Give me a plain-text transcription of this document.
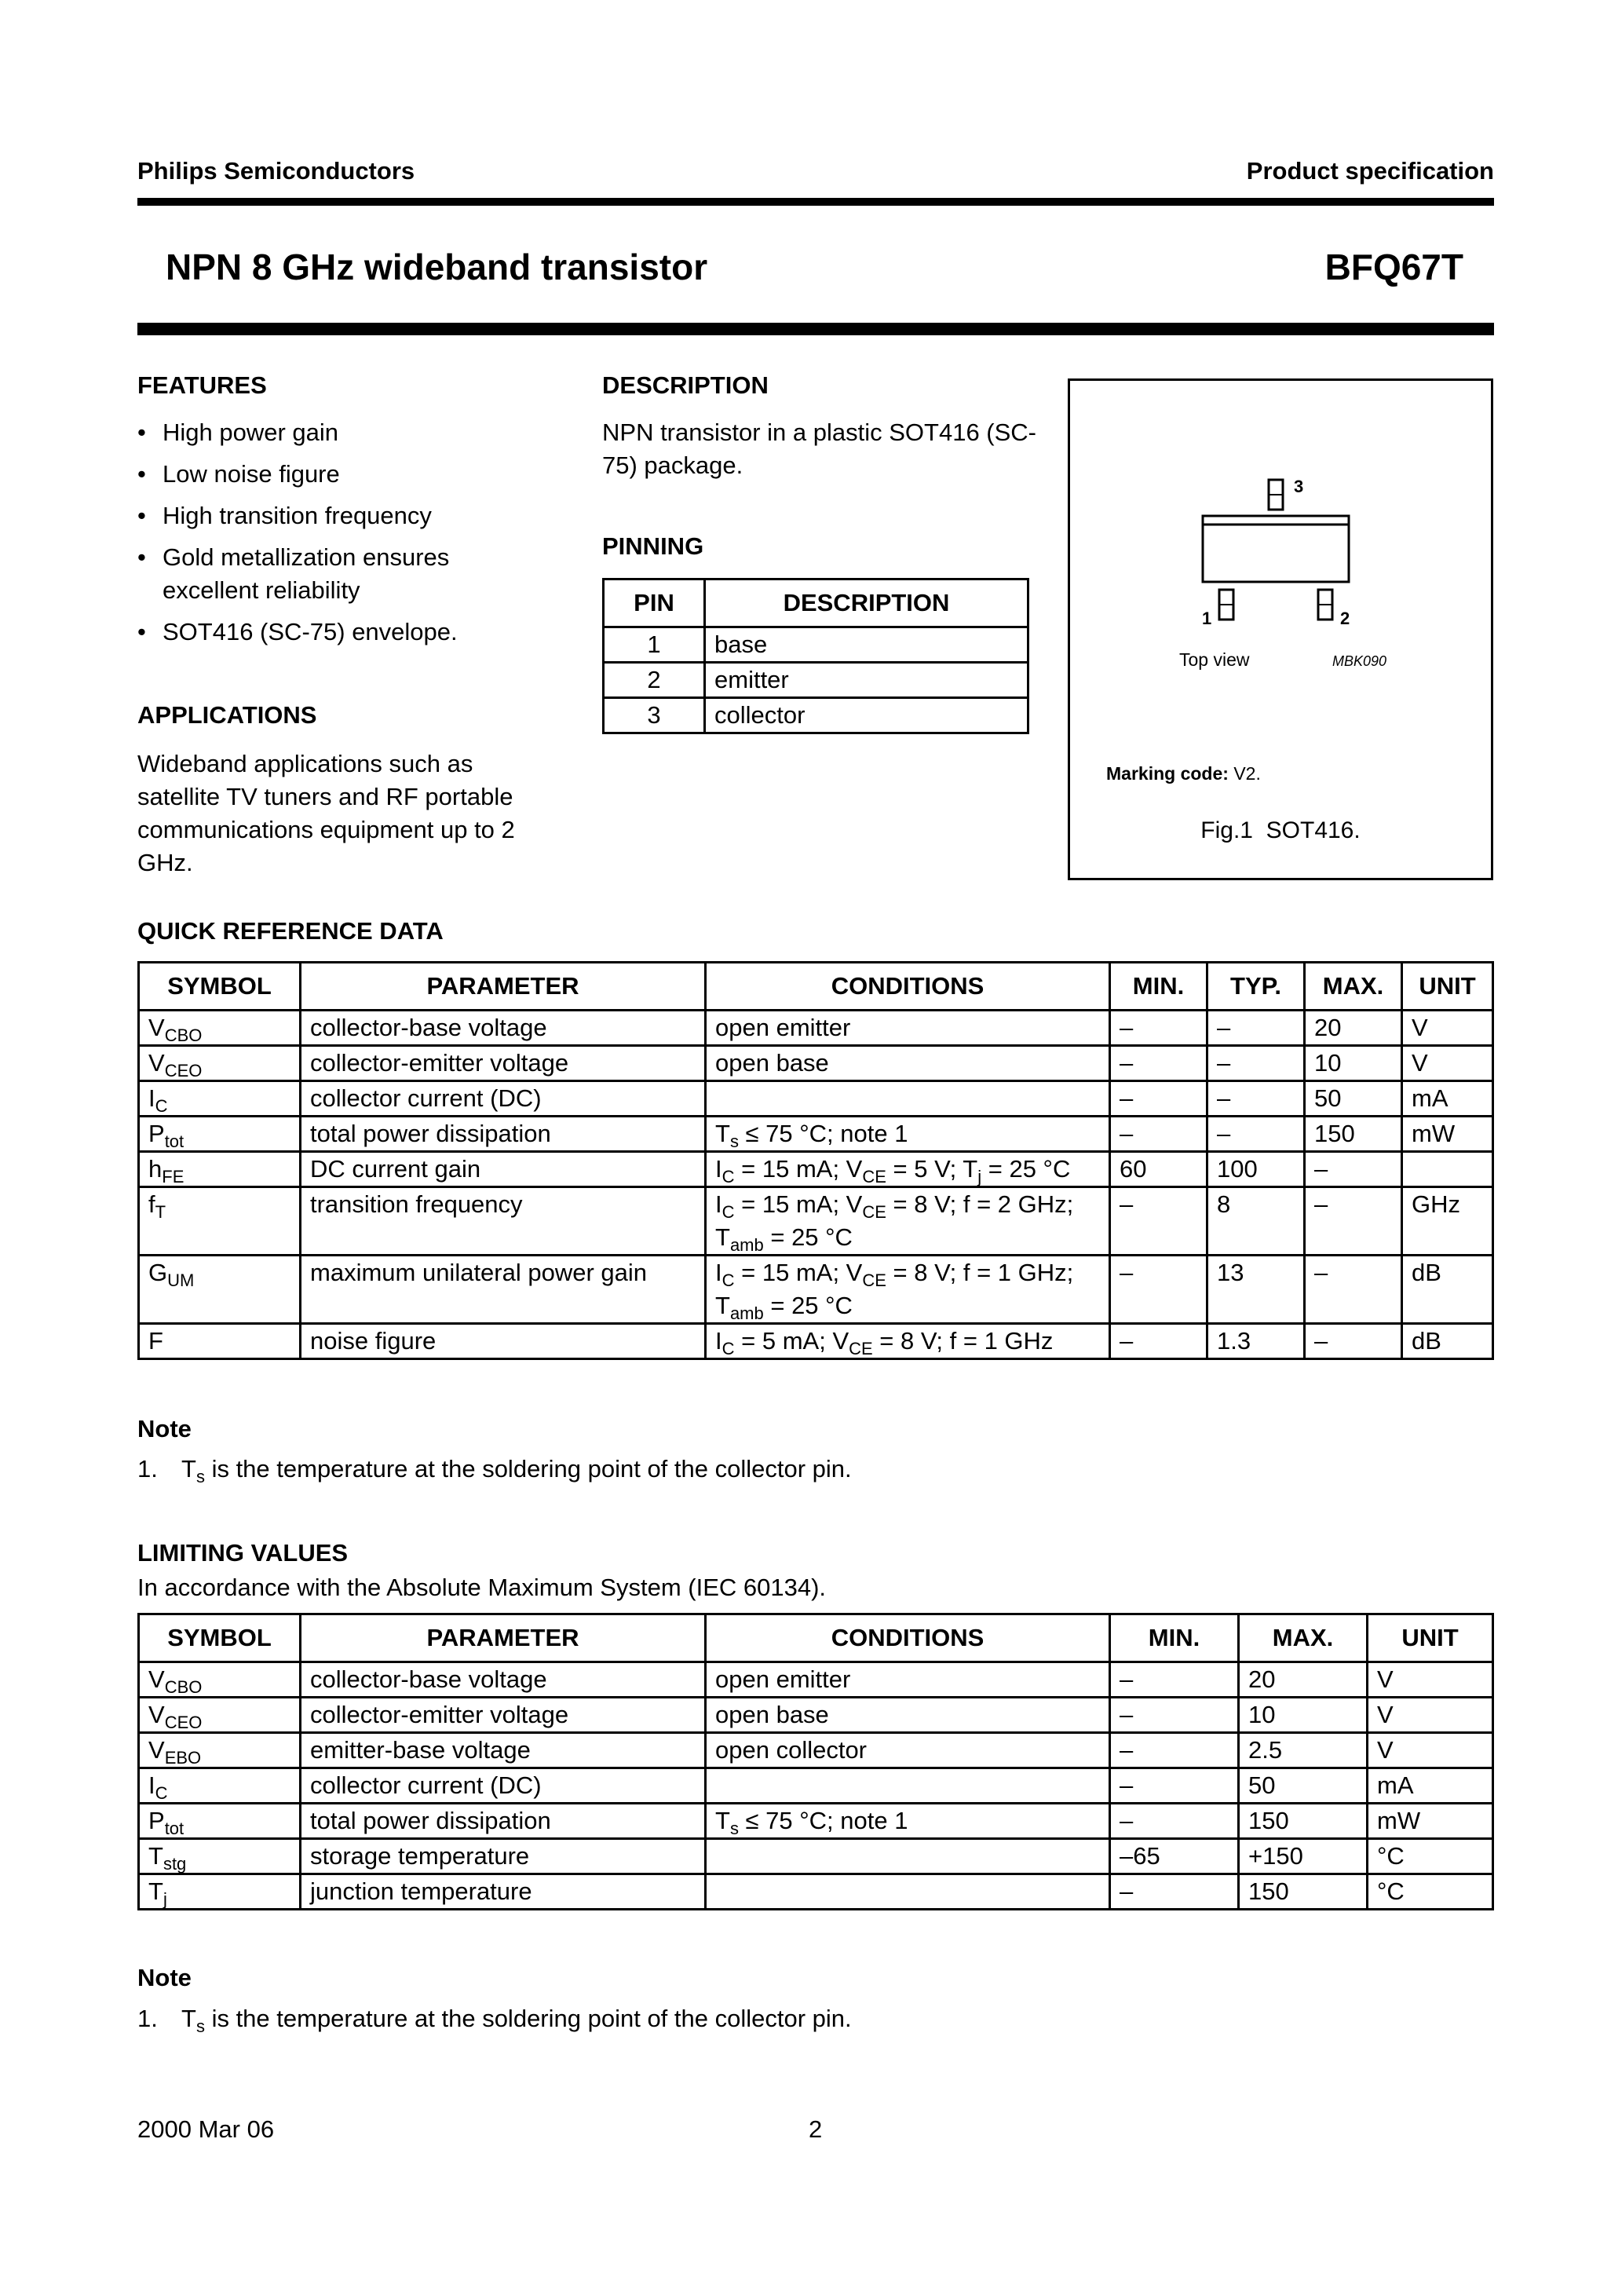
Philips Semiconductors	Product specification
NPN 8 GHz wideband transistor	BFQ67T
FEATURES
• High power gain
• Low noise figure
• High transition frequency
• Gold metallization ensures excellent reliability
• SOT416 (SC-75) envelope.
APPLICATIONS
Wideband applications such as satellite TV tuners and RF portable communications equipment up to 2 GHz.
DESCRIPTION
NPN transistor in a plastic SOT416 (SC-75) package.
PINNING
PIN	DESCRIPTION
1	base
2	emitter
3	collector
3
1	2
Top view	MBK090
Marking code: V2.
Fig.1  SOT416.
QUICK REFERENCE DATA
SYMBOL	PARAMETER	CONDITIONS	MIN.	TYP.	MAX.	UNIT
$V_{CBO}$	collector-base voltage	open emitter	–	–	20	V
$V_{CEO}$	collector-emitter voltage	open base	–	–	10	V
$I_C$	collector current (DC)		–	–	50	mA
$P_{tot}$	total power dissipation	$T_s \le 75$ °C; note 1	–	–	150	mW
$h_{FE}$	DC current gain	$I_C = 15$ mA; $V_{CE} = 5$ V; $T_j = 25$ °C	60	100	–	
$f_T$	transition frequency	$I_C = 15$ mA; $V_{CE} = 8$ V; f = 2 GHz; $T_{amb} = 25$ °C	–	8	–	GHz
$G_{UM}$	maximum unilateral power gain	$I_C = 15$ mA; $V_{CE} = 8$ V; f = 1 GHz; $T_{amb} = 25$ °C	–	13	–	dB
F	noise figure	$I_C = 5$ mA; $V_{CE} = 8$ V; f = 1 GHz	–	1.3	–	dB
Note
1. $T_s$ is the temperature at the soldering point of the collector pin.
LIMITING VALUES
In accordance with the Absolute Maximum System (IEC 60134).
SYMBOL	PARAMETER	CONDITIONS	MIN.	MAX.	UNIT
$V_{CBO}$	collector-base voltage	open emitter	–	20	V
$V_{CEO}$	collector-emitter voltage	open base	–	10	V
$V_{EBO}$	emitter-base voltage	open collector	–	2.5	V
$I_C$	collector current (DC)		–	50	mA
$P_{tot}$	total power dissipation	$T_s \le 75$ °C; note 1	–	150	mW
$T_{stg}$	storage temperature		–65	+150	°C
$T_j$	junction temperature		–	150	°C
Note
1. $T_s$ is the temperature at the soldering point of the collector pin.
2000 Mar 06	2
